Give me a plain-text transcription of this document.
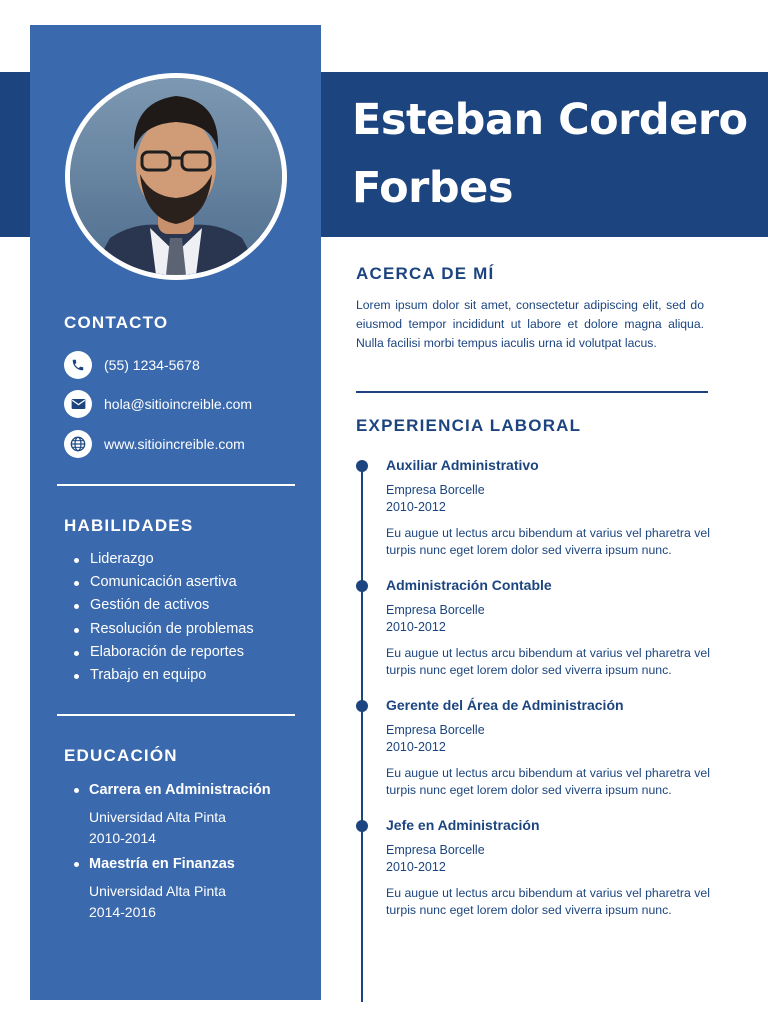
Esteban Cordero
Forbes
CONTACTO
(55) 1234-5678
hola@sitioincreible.com
www.sitioincreible.com
HABILIDADES
Liderazgo
Comunicación asertiva
Gestión de activos
Resolución de problemas
Elaboración de reportes
Trabajo en equipo
EDUCACIÓN
Carrera en Administración
Universidad Alta Pinta
2010-2014
Maestría en Finanzas
Universidad Alta Pinta
2014-2016
ACERCA DE MÍ

Lorem ipsum dolor sit amet, consectetur adipiscing elit, sed do eiusmod tempor incididunt ut labore et dolore magna aliqua. Nulla facilisi morbi tempus iaculis urna id volutpat lacus.

EXPERIENCIA LABORAL
Auxiliar Administrativo
Empresa Borcelle
2010-2012
Eu augue ut lectus arcu bibendum at varius vel pharetra vel turpis nunc eget lorem dolor sed viverra ipsum nunc.
Administración Contable
Empresa Borcelle
2010-2012
Eu augue ut lectus arcu bibendum at varius vel pharetra vel turpis nunc eget lorem dolor sed viverra ipsum nunc.
Gerente del Área de Administración
Empresa Borcelle
2010-2012
Eu augue ut lectus arcu bibendum at varius vel pharetra vel turpis nunc eget lorem dolor sed viverra ipsum nunc.
Jefe en Administración
Empresa Borcelle
2010-2012
Eu augue ut lectus arcu bibendum at varius vel pharetra vel turpis nunc eget lorem dolor sed viverra ipsum nunc.
